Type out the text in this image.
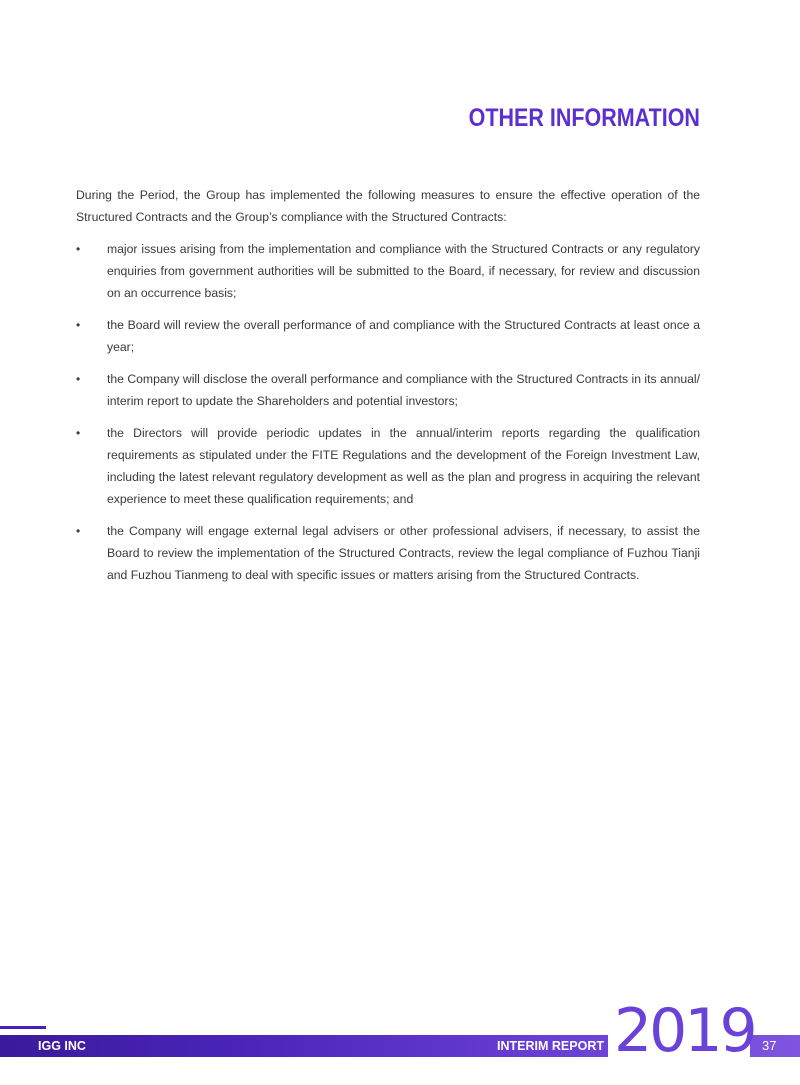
OTHER INFORMATION

During the Period, the Group has implemented the following measures to ensure the effective operation of the Structured Contracts and the Group’s compliance with the Structured Contracts:

•	major issues arising from the implementation and compliance with the Structured Contracts or any regulatory enquiries from government authorities will be submitted to the Board, if necessary, for review and discussion on an occurrence basis;
•	the Board will review the overall performance of and compliance with the Structured Contracts at least once a year;
•	the Company will disclose the overall performance and compliance with the Structured Contracts in its annual/ interim report to update the Shareholders and potential investors;
•	the Directors will provide periodic updates in the annual/interim reports regarding the qualification requirements as stipulated under the FITE Regulations and the development of the Foreign Investment Law, including the latest relevant regulatory development as well as the plan and progress in acquiring the relevant experience to meet these qualification requirements; and
•	the Company will engage external legal advisers or other professional advisers, if necessary, to assist the Board to review the implementation of the Structured Contracts, review the legal compliance of Fuzhou Tianji and Fuzhou Tianmeng to deal with specific issues or matters arising from the Structured Contracts.
IGG INC	INTERIM REPORT 2019 37
